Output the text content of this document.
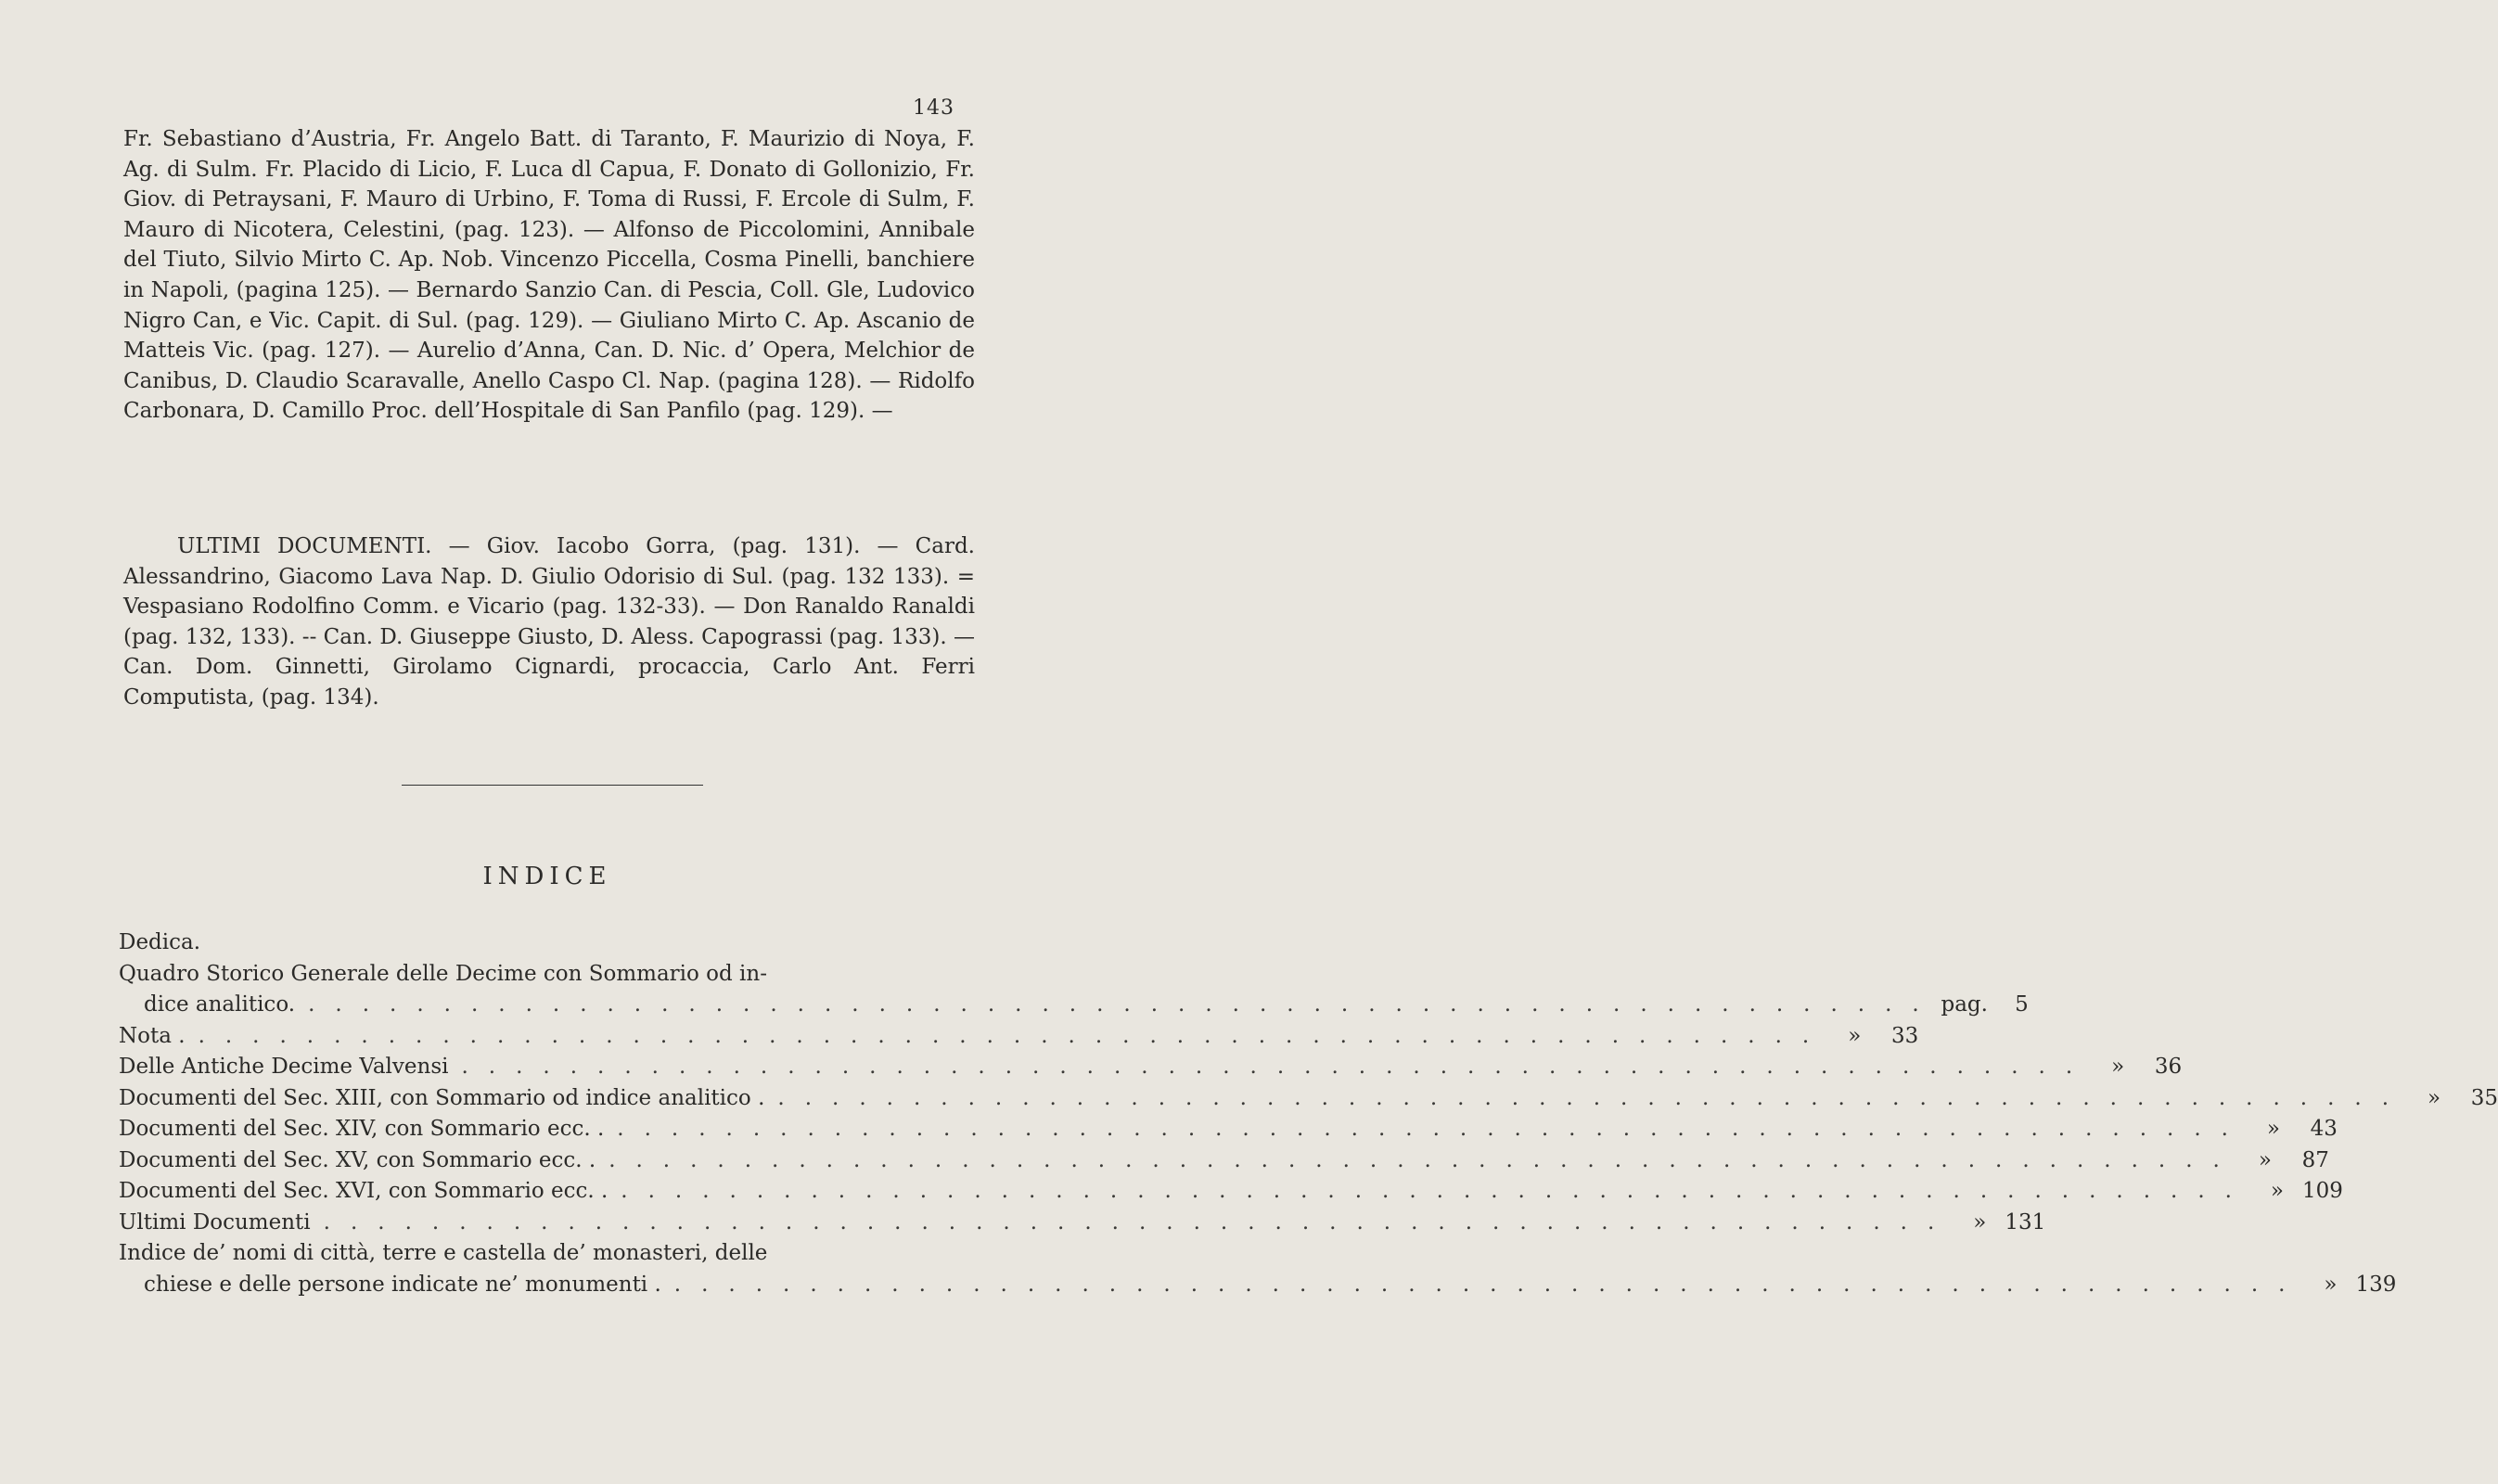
143

Fr. Sebastiano d’Austria, Fr. Angelo Batt. di Taranto, F. Maurizio di Noya, F. Ag. di Sulm. Fr. Placido di Licio, F. Luca dl Capua, F. Donato di Gollonizio, Fr. Giov. di Petraysani, F. Mauro di Urbino, F. Toma di Russi, F. Ercole di Sulm, F. Mauro di Nicotera, Celestini, (pag. 123). — Alfonso de Piccolomini, Annibale del Tiuto, Silvio Mirto C. Ap. Nob. Vincenzo Piccella, Cosma Pinelli, banchiere in Napoli, (pagina 125). — Bernardo Sanzio Can. di Pescia, Coll. Gle, Ludovico Nigro Can, e Vic. Capit. di Sul. (pag. 129). — Giuliano Mirto C. Ap. Ascanio de Matteis Vic. (pag. 127). — Aurelio d’Anna, Can. D. Nic. d’ Opera, Melchior de Canibus, D. Claudio Scaravalle, Anello Caspo Cl. Nap. (pagina 128). — Ridolfo Carbonara, D. Camillo Proc. dell’Hospitale di San Panfilo (pag. 129). —

ULTIMI DOCUMENTI. — Giov. Iacobo Gorra, (pag. 131). — Card. Alessandrino, Giacomo Lava Nap. D. Giulio Odorisio di Sul. (pag. 132 133). = Vespasiano Rodolfino Comm. e Vicario (pag. 132-33). — Don Ranaldo Ranaldi (pag. 132, 133). -- Can. D. Giuseppe Giusto, D. Aless. Capograssi (pag. 133). — Can. Dom. Ginnetti, Girolamo Cignardi, procaccia, Carlo Ant. Ferri Computista, (pag. 134).

INDICE
Dedica.
Quadro Storico Generale delle Decime con Sommario od in-
dice analitico. ............................................................ pag.	5
Nota . ............................................................ »	33
Delle Antiche Decime Valvensi ............................................................ »	36
Documenti del Sec. XIII, con Sommario od indice analitico . ............................................................ »	35
Documenti del Sec. XIV, con Sommario ecc. . ............................................................ »	43
Documenti del Sec. XV, con Sommario ecc. . ............................................................ »	87
Documenti del Sec. XVI, con Sommario ecc. . ............................................................ » 109
Ultimi Documenti ............................................................ » 131
Indice de’ nomi di città, terre e castella de’ monasteri, delle
chiese e delle persone indicate ne’ monumenti . ............................................................ » 139
